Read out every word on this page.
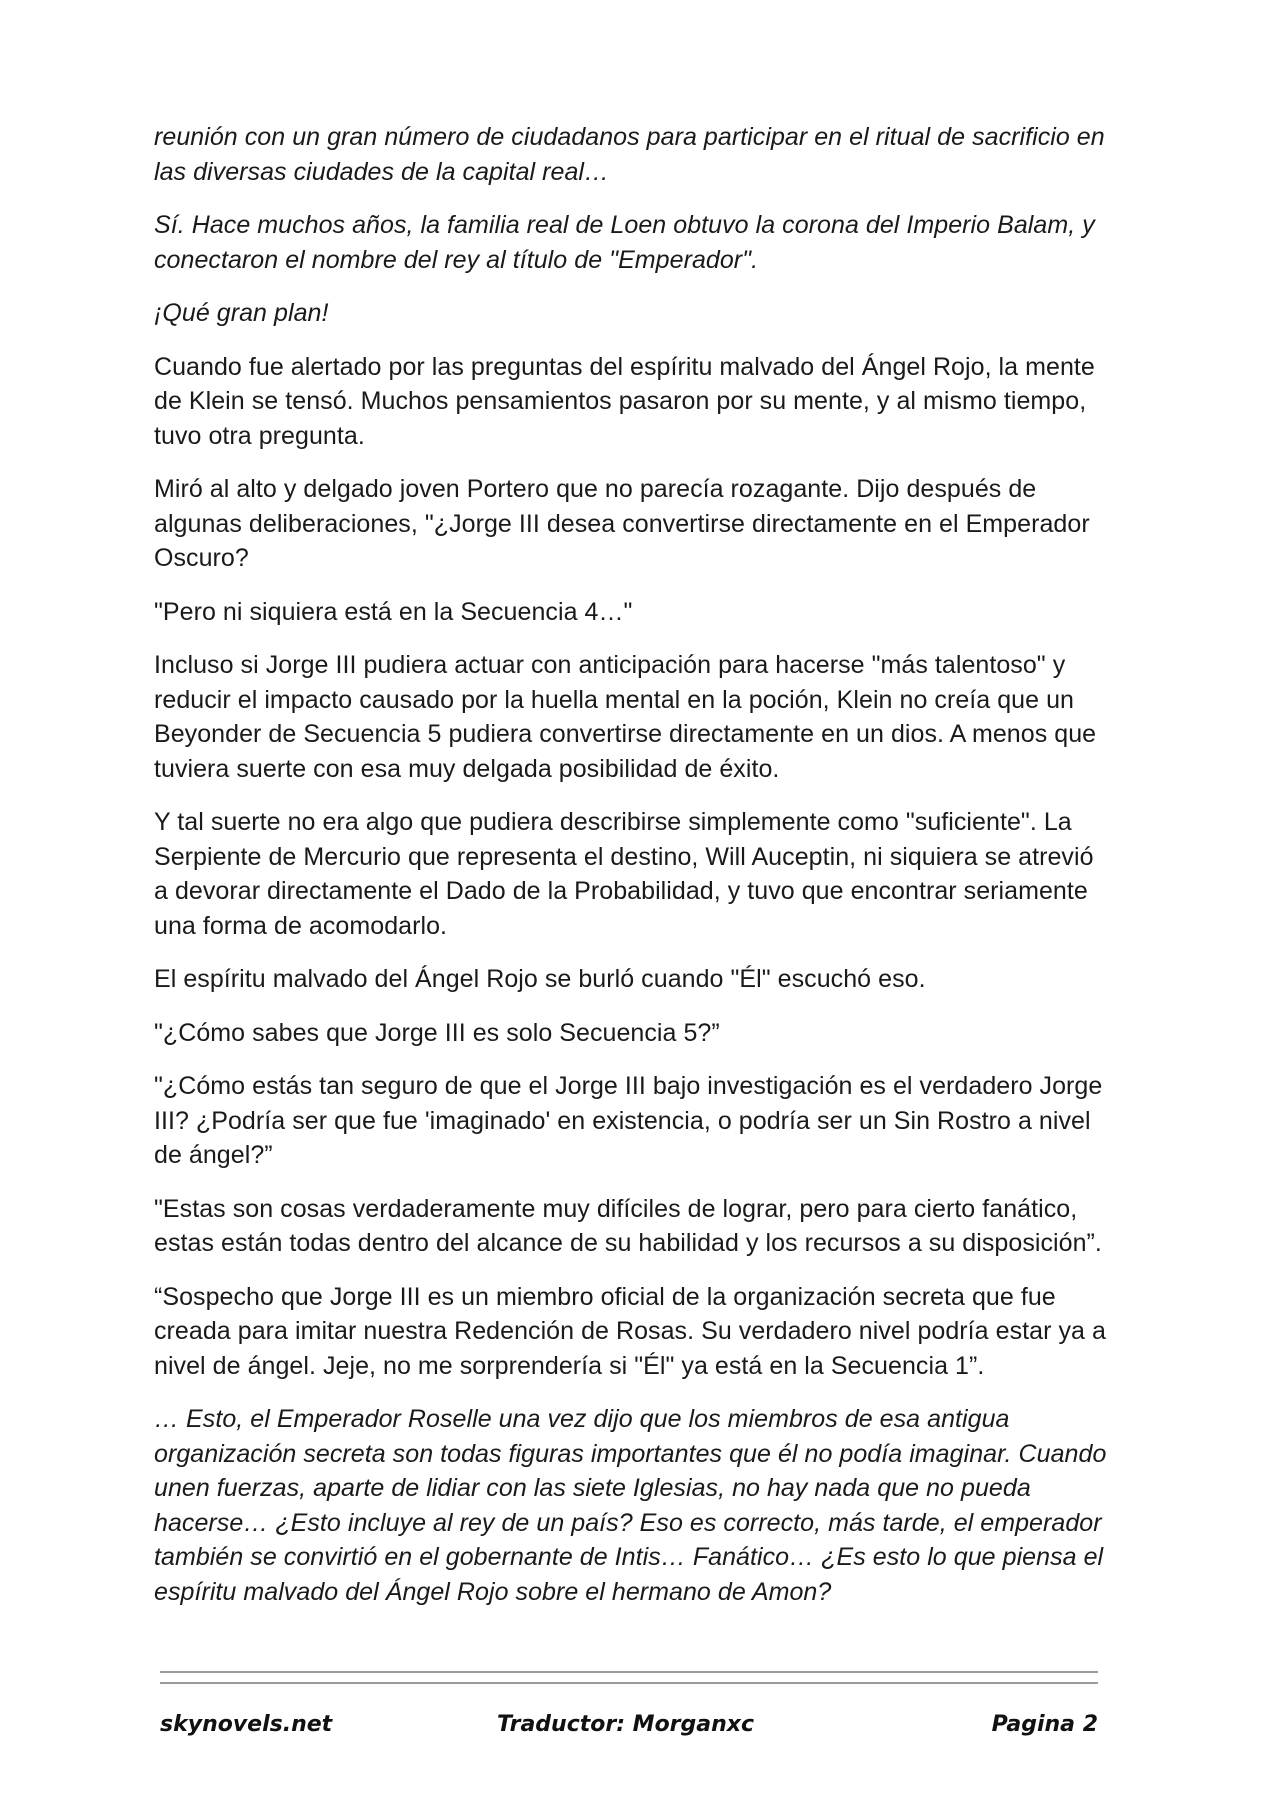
reunión con un gran número de ciudadanos para participar en el ritual de sacrificio en las diversas ciudades de la capital real…

Sí. Hace muchos años, la familia real de Loen obtuvo la corona del Imperio Balam, y conectaron el nombre del rey al título de "Emperador".

¡Qué gran plan!

Cuando fue alertado por las preguntas del espíritu malvado del Ángel Rojo, la mente de Klein se tensó. Muchos pensamientos pasaron por su mente, y al mismo tiempo, tuvo otra pregunta.

Miró al alto y delgado joven Portero que no parecía rozagante. Dijo después de algunas deliberaciones, "¿Jorge III desea convertirse directamente en el Emperador Oscuro?

"Pero ni siquiera está en la Secuencia 4…"

Incluso si Jorge III pudiera actuar con anticipación para hacerse "más talentoso" y reducir el impacto causado por la huella mental en la poción, Klein no creía que un Beyonder de Secuencia 5 pudiera convertirse directamente en un dios. A menos que tuviera suerte con esa muy delgada posibilidad de éxito.

Y tal suerte no era algo que pudiera describirse simplemente como "suficiente". La Serpiente de Mercurio que representa el destino, Will Auceptin, ni siquiera se atrevió a devorar directamente el Dado de la Probabilidad, y tuvo que encontrar seriamente una forma de acomodarlo.

El espíritu malvado del Ángel Rojo se burló cuando "Él" escuchó eso.

"¿Cómo sabes que Jorge III es solo Secuencia 5?”

"¿Cómo estás tan seguro de que el Jorge III bajo investigación es el verdadero Jorge III? ¿Podría ser que fue 'imaginado' en existencia, o podría ser un Sin Rostro a nivel de ángel?”

"Estas son cosas verdaderamente muy difíciles de lograr, pero para cierto fanático, estas están todas dentro del alcance de su habilidad y los recursos a su disposición”.

“Sospecho que Jorge III es un miembro oficial de la organización secreta que fue creada para imitar nuestra Redención de Rosas. Su verdadero nivel podría estar ya a nivel de ángel. Jeje, no me sorprendería si "Él" ya está en la Secuencia 1”.

… Esto, el Emperador Roselle una vez dijo que los miembros de esa antigua organización secreta son todas figuras importantes que él no podía imaginar. Cuando unen fuerzas, aparte de lidiar con las siete Iglesias, no hay nada que no pueda hacerse… ¿Esto incluye al rey de un país? Eso es correcto, más tarde, el emperador también se convirtió en el gobernante de Intis… Fanático… ¿Es esto lo que piensa el espíritu malvado del Ángel Rojo sobre el hermano de Amon?

skynovels.net	Traductor: Morganxc	Pagina 2
